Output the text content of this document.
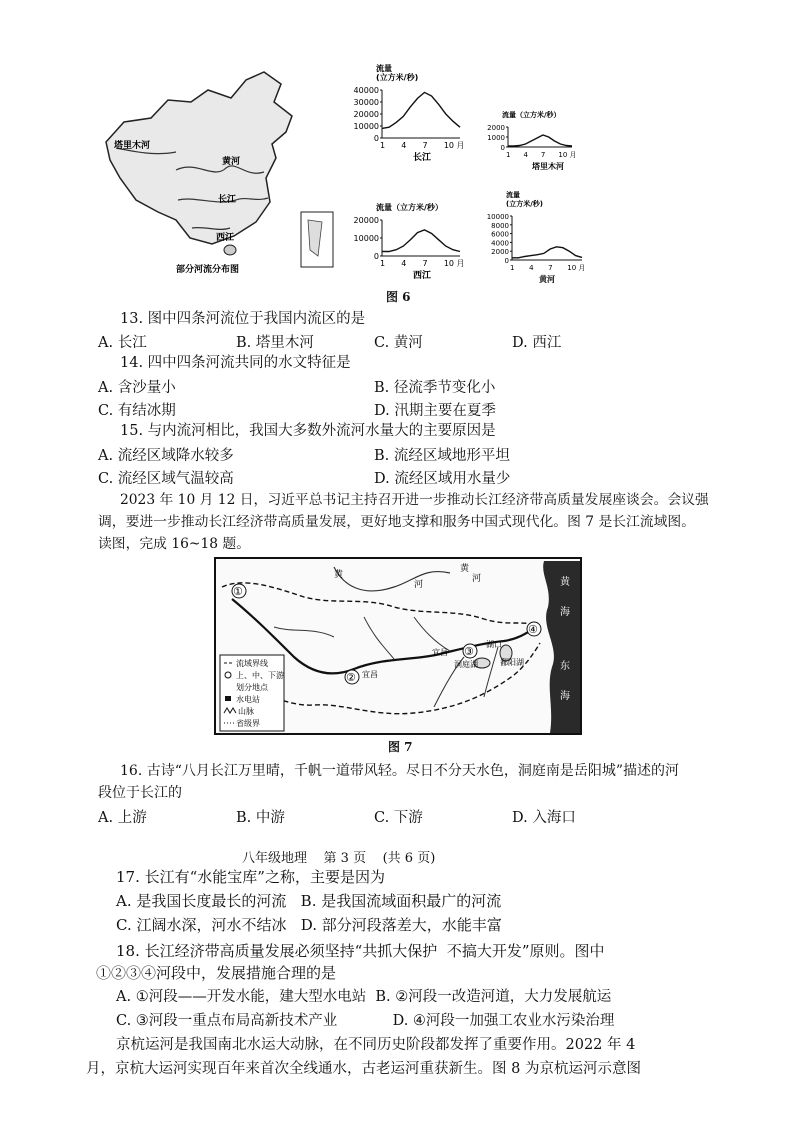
塔里木河
黄河
长江
西江
部分河流分布图
流量
(立方米/秒)
40000
30000
20000
10000
0
1 4 7 10 月
长江
流量（立方米/秒）
2000
1000
0
1 4 7 10 月
塔里木河
流量（立方米/秒）
20000
10000
0
1 4 7 10 月
西江
流量
(立方米/秒)
10000
8000
6000
4000
2000
0
1 4 7 10 月
黄河
图 6
13. 图中四条河流位于我国内流区的是
A. 长江	B. 塔里木河	C. 黄河	D. 西江
14. 四中四条河流共同的水文特征是
A. 含沙量小	B. 径流季节变化小
C. 有结冰期	D. 汛期主要在夏季
15. 与内流河相比，我国大多数外流河水量大的主要原因是
A. 流经区域降水较多	B. 流经区域地形平坦
C. 流经区域气温较高	D. 流经区域用水量少
2023 年 10 月 12 日，习近平总书记主持召开进一步推动长江经济带高质量发展座谈会。会议强
调，要进一步推动长江经济带高质量发展，更好地支撑和服务中国式现代化。图 7 是长江流域图。
读图，完成 16~18 题。
①
②
③
④
黄
河
黄
河	黄
海
东
海
宜昌
宜昌
湖口
洞庭湖	鄱阳湖
流域界线
上、中、下游
划分地点
水电站
山脉
省级界
图 7
16. 古诗“八月长江万里晴，千帆一道带风轻。尽日不分天水色，洞庭南是岳阳城”描述的河
段位于长江的
A. 上游	B. 中游	C. 下游	D. 入海口
八年级地理    第 3 页    (共 6 页)
17. 长江有“水能宝库”之称，主要是因为
A. 是我国长度最长的河流   B. 是我国流域面积最广的河流
C. 江阔水深，河水不结冰   D. 部分河段落差大，水能丰富
18. 长江经济带高质量发展必须坚持“共抓大保护  不搞大开发”原则。图中
①②③④河段中，发展措施合理的是
A. ①河段——开发水能，建大型水电站  B. ②河段一改造河道，大力发展航运
C. ③河段一重点布局高新技术产业            D. ④河段一加强工农业水污染治理
京杭运河是我国南北水运大动脉，在不同历史阶段都发挥了重要作用。2022 年 4
月，京杭大运河实现百年来首次全线通水，古老运河重获新生。图 8 为京杭运河示意图
